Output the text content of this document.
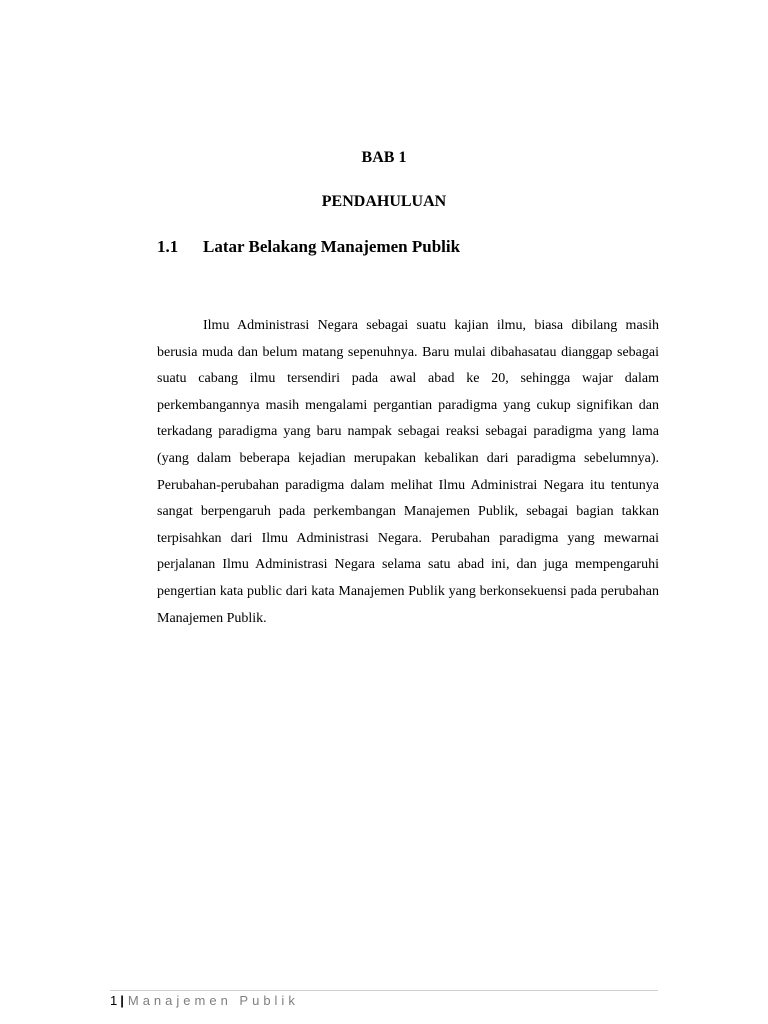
BAB 1
PENDAHULUAN
1.1 Latar Belakang Manajemen Publik

Ilmu Administrasi Negara sebagai suatu kajian ilmu, biasa dibilang masih berusia muda dan belum matang sepenuhnya. Baru mulai dibahasatau dianggap sebagai suatu cabang ilmu tersendiri pada awal abad ke 20, sehingga wajar dalam perkembangannya masih mengalami pergantian paradigma yang cukup signifikan dan terkadang paradigma yang baru nampak sebagai reaksi sebagai paradigma yang lama (yang dalam beberapa kejadian merupakan kebalikan dari paradigma sebelumnya). Perubahan-perubahan paradigma dalam melihat Ilmu Administrai Negara itu tentunya sangat berpengaruh pada perkembangan Manajemen Publik, sebagai bagian takkan terpisahkan dari Ilmu Administrasi Negara. Perubahan paradigma yang mewarnai perjalanan Ilmu Administrasi Negara selama satu abad ini, dan juga mempengaruhi pengertian kata public dari kata Manajemen Publik yang berkonsekuensi pada perubahan Manajemen Publik.

1 | Manajemen Publik
